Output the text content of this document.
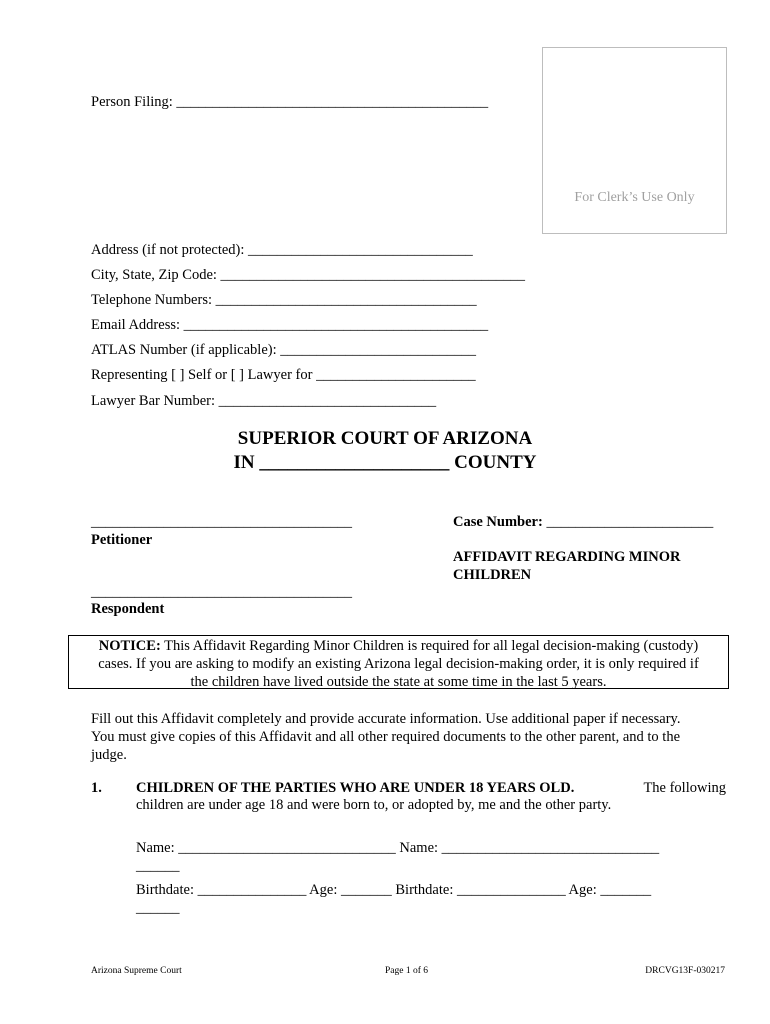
For Clerk’s Use Only
Person Filing: ___________________________________________
Address (if not protected): _______________________________
City, State, Zip Code: __________________________________________
Telephone Numbers: ____________________________________
Email Address: __________________________________________
ATLAS Number (if applicable): ___________________________
Representing [ ] Self or [ ] Lawyer for ______________________
Lawyer Bar Number: ______________________________
SUPERIOR COURT OF ARIZONA
IN ____________________ COUNTY
____________________________________
Petitioner
____________________________________
Respondent
Case Number: _______________________
AFFIDAVIT REGARDING MINOR
CHILDREN
NOTICE: This Affidavit Regarding Minor Children is required for all legal decision-making (custody)
cases. If you are asking to modify an existing Arizona legal decision-making order, it is only required if
the children have lived outside the state at some time in the last 5 years.
Fill out this Affidavit completely and provide accurate information. Use additional paper if necessary.
You must give copies of this Affidavit and all other required documents to the other parent, and to the
judge.
1. CHILDREN OF THE PARTIES WHO ARE UNDER 18 YEARS OLD.	The following
children are under age 18 and were born to, or adopted by, me and the other party.
Name: ______________________________ Name: ______________________________
______
Birthdate: _______________ Age: _______ Birthdate: _______________ Age: _______
______
Arizona Supreme Court	Page 1 of 6	DRCVG13F-030217
